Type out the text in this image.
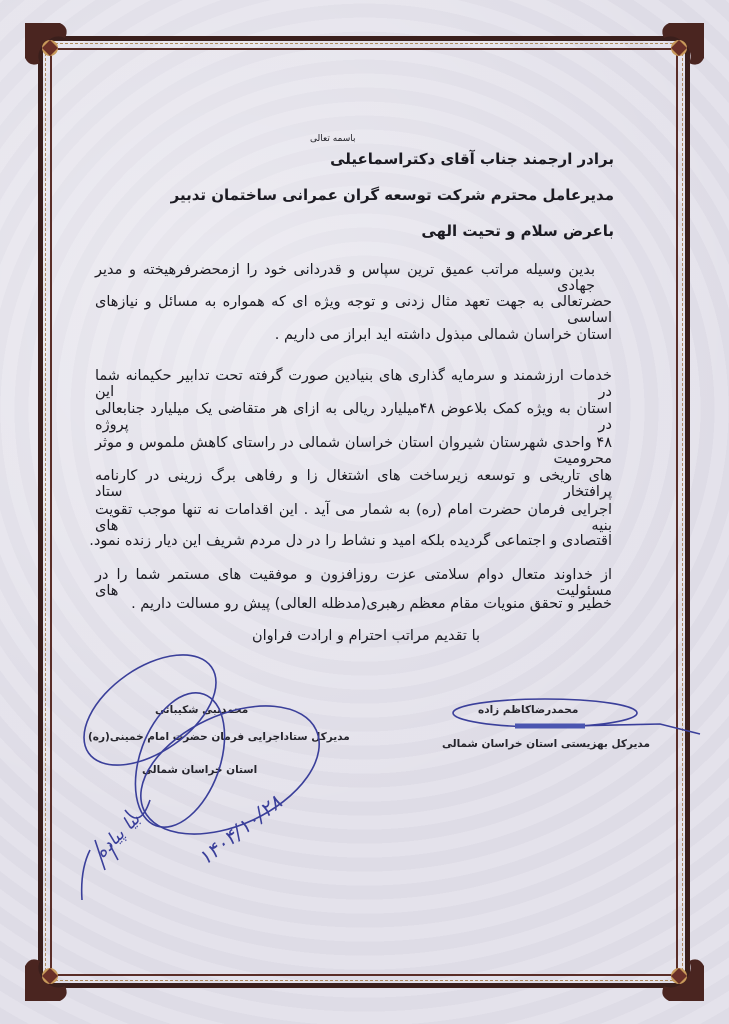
باسمه تعالی
برادر ارجمند جناب آقای دکتراسماعیلی
مدیرعامل محترم شرکت توسعه گران عمرانی ساختمان تدبیر
باعرض سلام و تحیت الهی
بدین وسیله مراتب عمیق ترین سپاس و قدردانی خود را ازمحضرفرهیخته و مدیر جهادی
حضرتعالی به جهت تعهد مثال زدنی و توجه ویژه ای که همواره به مسائل و نیازهای اساسی
استان خراسان شمالی مبذول داشته اید ابراز می داریم .
خدمات ارزشمند و سرمایه گذاری های بنیادین صورت گرفته تحت تدابیر حکیمانه شما در این
استان به ویژه کمک بلاعوض ۴۸میلیارد ریالی به ازای هر متقاضی یک میلیارد جنابعالی در پروژه
۴۸ واحدی شهرستان شیروان استان خراسان شمالی در راستای کاهش ملموس و موثر محرومیت
های تاریخی و توسعه زیرساخت های اشتغال زا و رفاهی برگ زرینی در کارنامه پرافتخار ستاد
اجرایی فرمان حضرت امام (ره) به شمار می آید . این اقدامات نه تنها موجب تقویت بنیه های
اقتصادی و اجتماعی گردیده بلکه امید و نشاط را در دل مردم شریف این دیار زنده نمود.
از خداوند متعال دوام سلامتی عزت روزافزون و موفقیت های مستمر شما را در مسئولیت های
خطیر و تحقق منویات مقام معظم رهبری(مدظله العالی) پیش رو مسالت داریم .
با تقدیم مراتب احترام و ارادت فراوان
محمدرضاکاظم زاده
مدیرکل بهزیستی استان خراسان شمالی
محمدنبی شکیبائی
مدیرکل ستاداجرایی فرمان حضرت امام خمینی(ره)
استان خراسان شمالی
۱۴۰۴/۱۰/۲۸
بیا پیاده
